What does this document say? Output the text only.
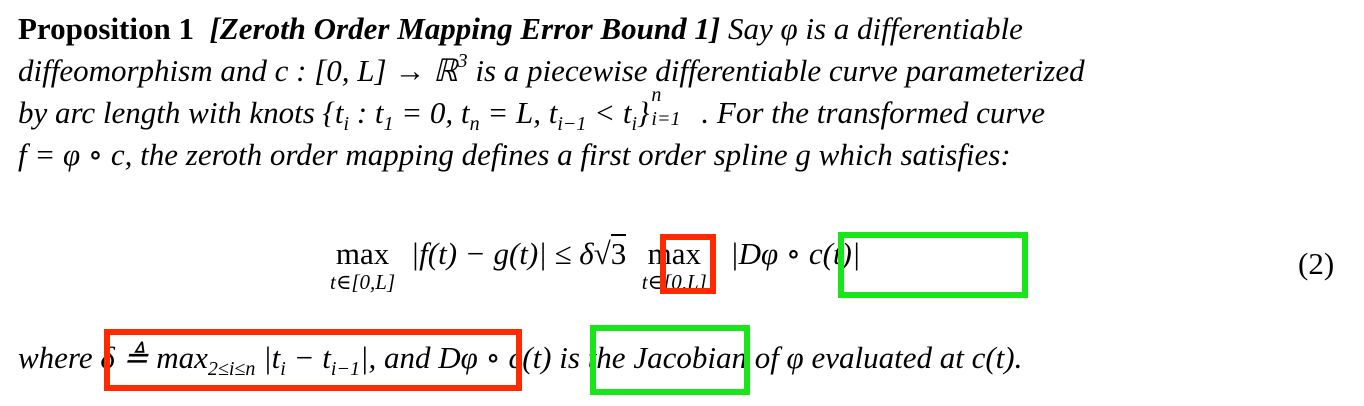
Proposition 1 [Zeroth Order Mapping Error Bound 1] Say φ is a differentiable
diffeomorphism and c : [0, L] → ℝ$^3$ is a piecewise differentiable curve parameterized
by arc length with knots {$t_i$ : $t_1 = 0$, $t_n = L$, $t_{i-1} < t_i$} n
i=1 . For the transformed curve
f = φ ∘ c, the zeroth order mapping defines a first order spline g which satisfies:
max
t∈[0,L]
|f(t) − g(t)| ≤ δ√3 max
t∈[0,L]
|Dφ ∘ c(t)|	(2)
where δ ≜ $\max_{2\le i\le n} |t_i - t_{i-1}|$, and Dφ ∘ c(t) is the Jacobian of φ evaluated at c(t).
